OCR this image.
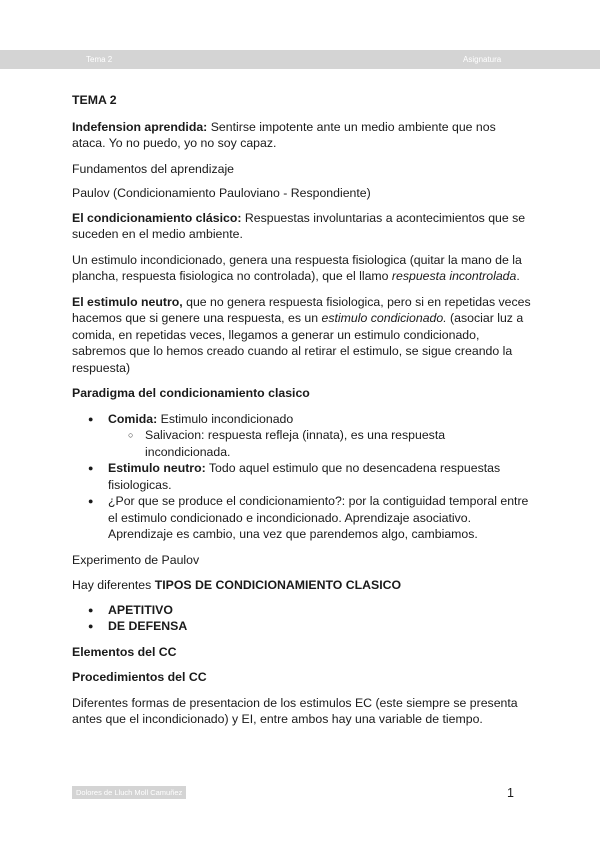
Tema 2	Asignatura

TEMA 2

Indefension aprendida: Sentirse impotente ante un medio ambiente que nos ataca. Yo no puedo, yo no soy capaz.

Fundamentos del aprendizaje

Paulov (Condicionamiento Pauloviano - Respondiente)

El condicionamiento clásico: Respuestas involuntarias a acontecimientos que se suceden en el medio ambiente.

Un estimulo incondicionado, genera una respuesta fisiologica (quitar la mano de la plancha, respuesta fisiologica no controlada), que el llamo respuesta incontrolada.

El estimulo neutro, que no genera respuesta fisiologica, pero si en repetidas veces hacemos que si genere una respuesta, es un estimulo condicionado. (asociar luz a comida, en repetidas veces, llegamos a generar un estimulo condicionado, sabremos que lo hemos creado cuando al retirar el estimulo, se sigue creando la respuesta)

Paradigma del condicionamiento clasico

● Comida: Estimulo incondicionado
○ Salivacion: respuesta refleja (innata), es una respuesta incondicionada.
● Estimulo neutro: Todo aquel estimulo que no desencadena respuestas fisiologicas.
● ¿Por que se produce el condicionamiento?: por la contiguidad temporal entre el estimulo condicionado e incondicionado. Aprendizaje asociativo. Aprendizaje es cambio, una vez que parendemos algo, cambiamos.

Experimento de Paulov

Hay diferentes TIPOS DE CONDICIONAMIENTO CLASICO

● APETITIVO
● DE DEFENSA

Elementos del CC

Procedimientos del CC

Diferentes formas de presentacion de los estimulos EC (este siempre se presenta antes que el incondicionado) y EI, entre ambos hay una variable de tiempo.

Dolores de Lluch Moll Camuñez	1
